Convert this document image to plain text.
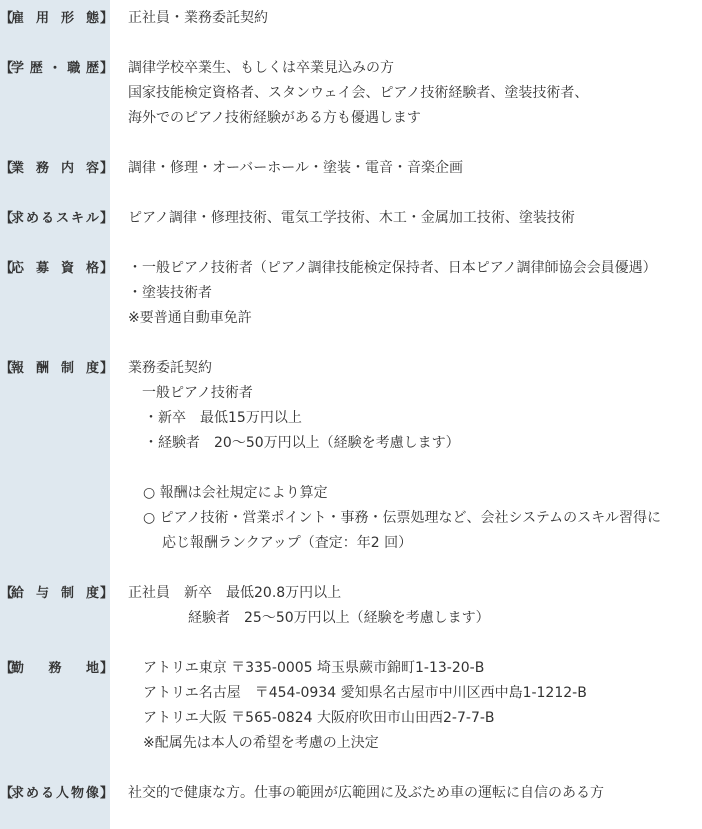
【
雇 用 形 態 】 正社員・業務委託契約
【
学 歴 ・ 職 歴 】 調律学校卒業生、もしくは卒業見込みの方
国家技能検定資格者、スタンウェイ会、ピアノ技術経験者、塗装技術者、
海外でのピアノ技術経験がある方も優遇します
【
業 務 内 容 】 調律・修理・オーバーホール・塗装・電音・音楽企画
【
求 め る ス キ ル 】 ピアノ調律・修理技術、電気工学技術、木工・金属加工技術、塗装技術
【
応 募 資 格 】 ・一般ピアノ技術者（ピアノ調律技能検定保持者、日本ピアノ調律師協会会員優遇）
・塗装技術者
※要普通自動車免許
【
報 酬 制 度 】 業務委託契約
一般ピアノ技術者
・新卒　最低15万円以上
・経験者　20〜50万円以上（経験を考慮します）
○ 報酬は会社規定により算定
○ ピアノ技術・営業ポイント・事務・伝票処理など、会社システムのスキル習得に
応じ報酬ランクアップ（査定：年2 回）
【
給 与 制 度 】 正社員　新卒　最低20.8万円以上
経験者　25〜50万円以上（経験を考慮します）
【
勤 務 地 】	アトリエ東京 〒335-0005 埼玉県蕨市錦町1-13-20-B
アトリエ名古屋　〒454-0934 愛知県名古屋市中川区西中島1-1212-B
アトリエ大阪 〒565-0824 大阪府吹田市山田西2-7-7-B
※配属先は本人の希望を考慮の上決定
【
求 め る 人 物 像 】 社交的で健康な方。仕事の範囲が広範囲に及ぶため車の運転に自信のある方
